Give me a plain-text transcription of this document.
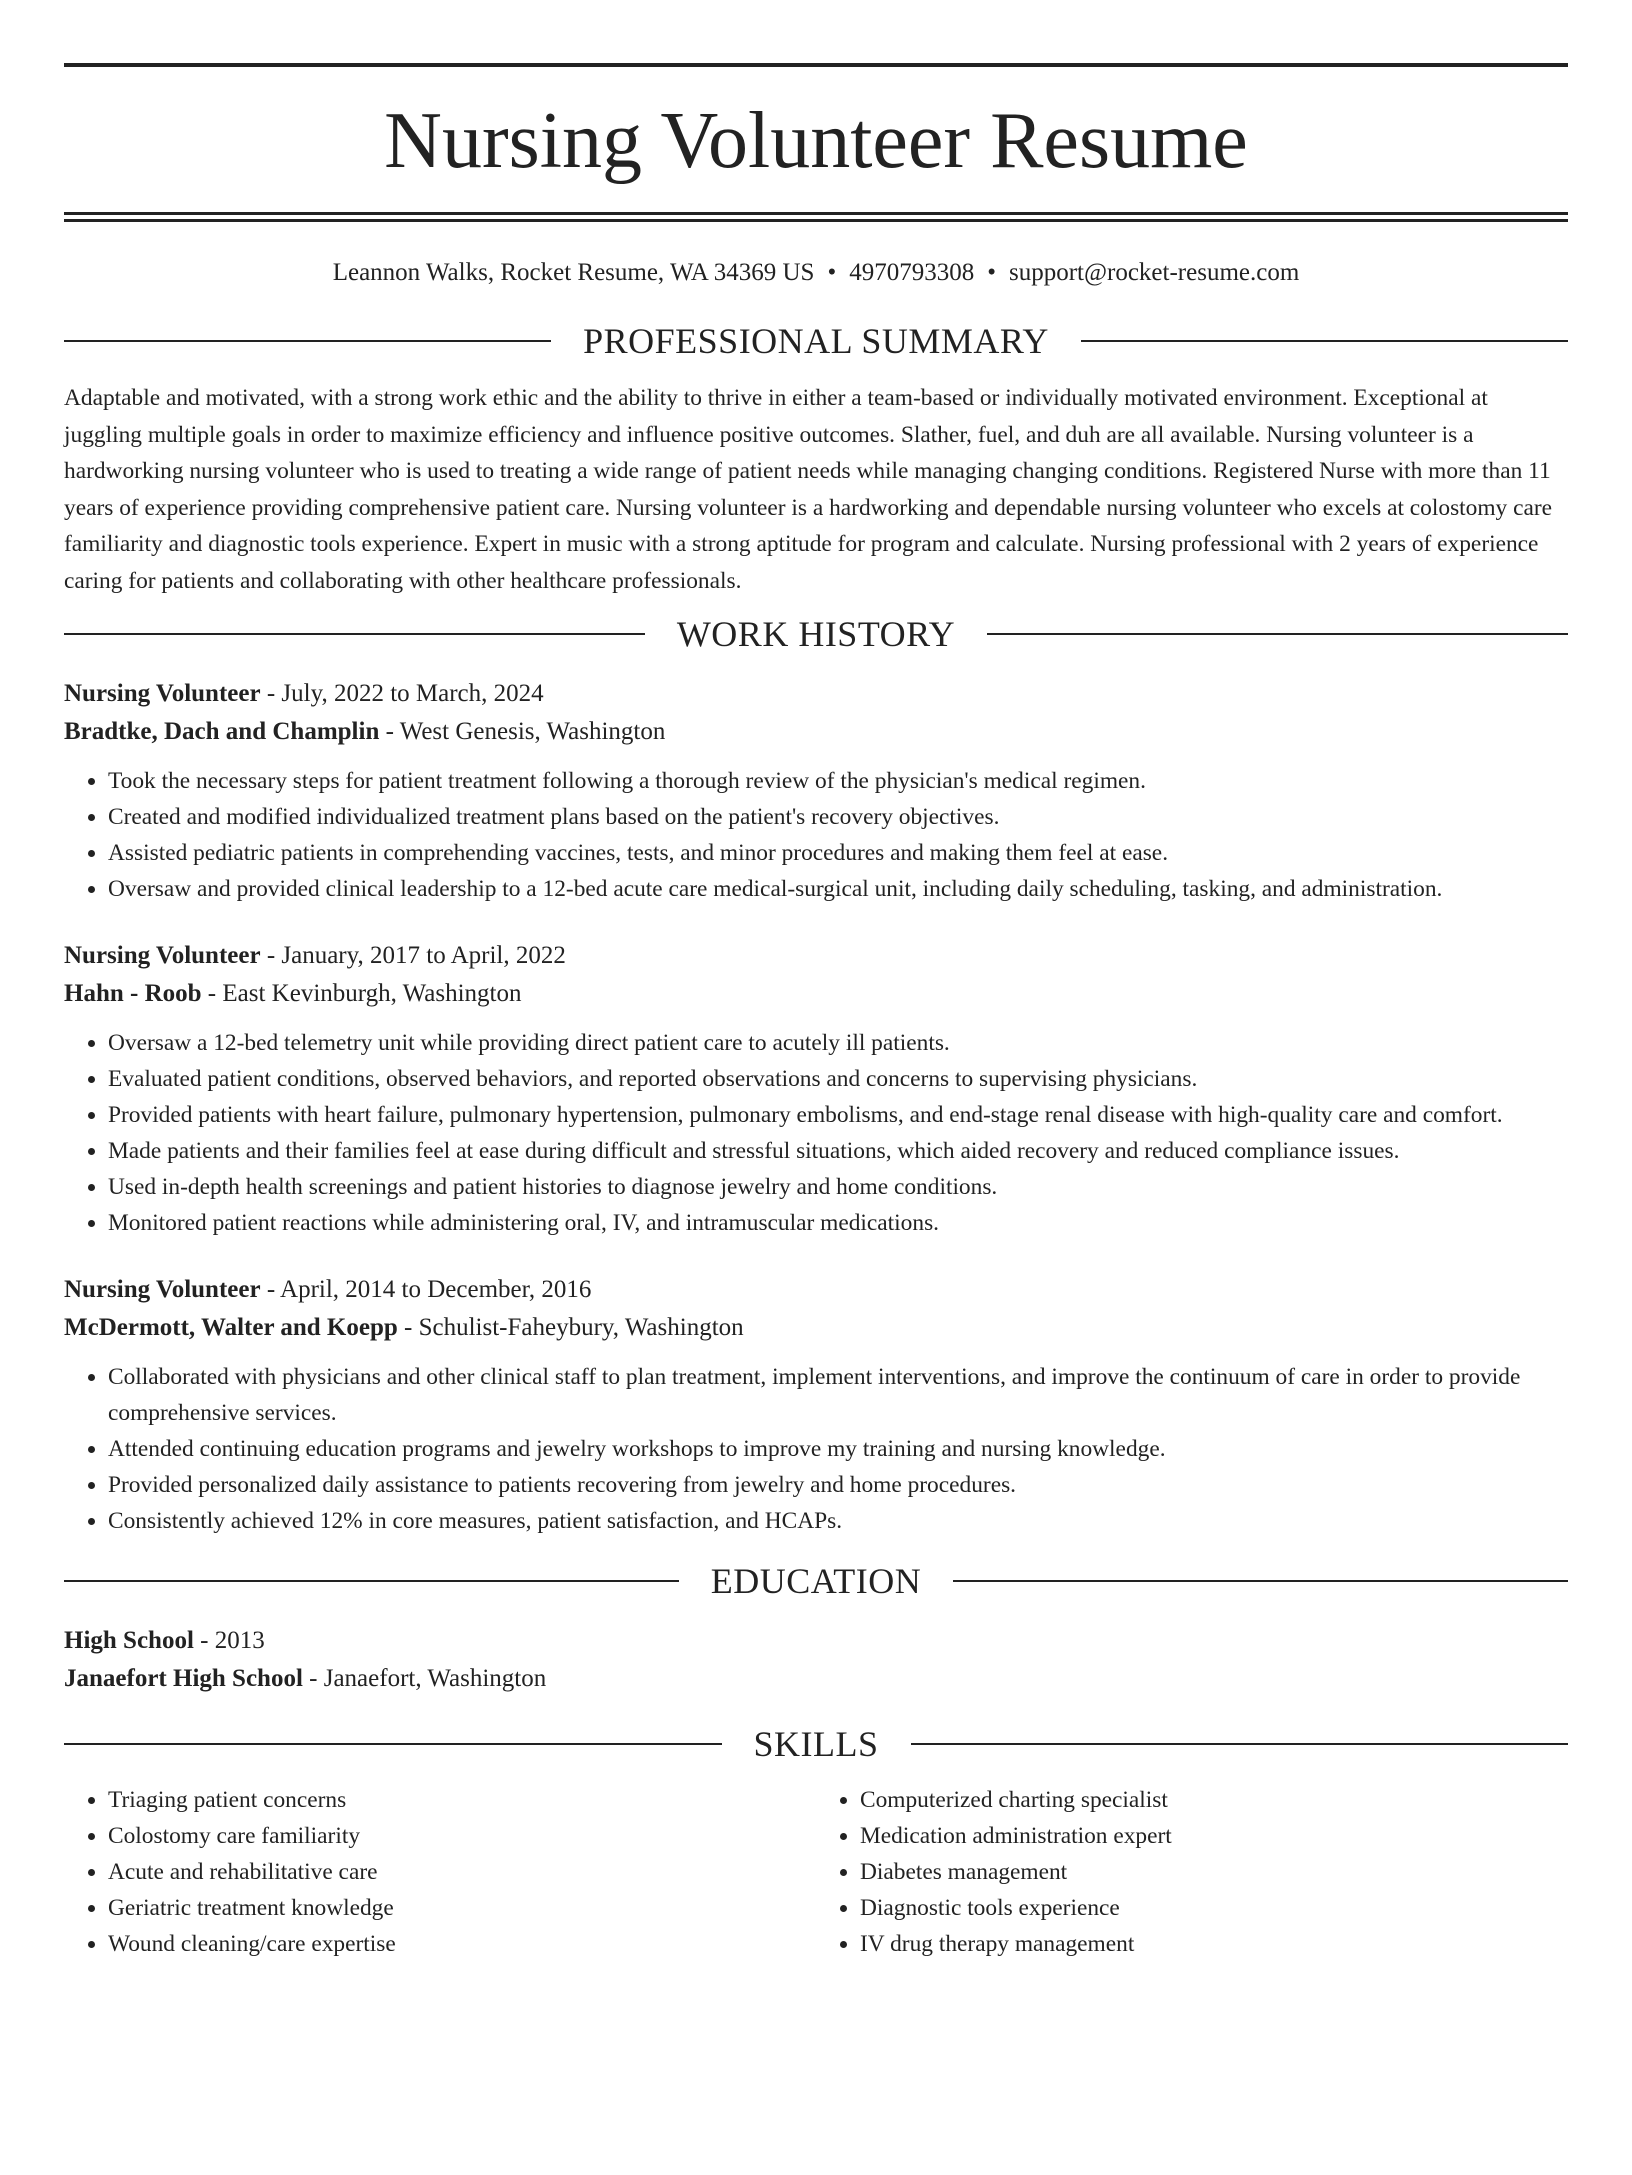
Nursing Volunteer Resume
Leannon Walks, Rocket Resume, WA 34369 US • 4970793308 • support@rocket-resume.com
PROFESSIONAL SUMMARY

Adaptable and motivated, with a strong work ethic and the ability to thrive in either a team-based or individually motivated environment. Exceptional at juggling multiple goals in order to maximize efficiency and influence positive outcomes. Slather, fuel, and duh are all available. Nursing volunteer is a hardworking nursing volunteer who is used to treating a wide range of patient needs while managing changing conditions. Registered Nurse with more than 11 years of experience providing comprehensive patient care. Nursing volunteer is a hardworking and dependable nursing volunteer who excels at colostomy care familiarity and diagnostic tools experience. Expert in music with a strong aptitude for program and calculate. Nursing professional with 2 years of experience caring for patients and collaborating with other healthcare professionals.

WORK HISTORY
Nursing Volunteer - July, 2022 to March, 2024
Bradtke, Dach and Champlin - West Genesis, Washington
• Took the necessary steps for patient treatment following a thorough review of the physician's medical regimen.
• Created and modified individualized treatment plans based on the patient's recovery objectives.
• Assisted pediatric patients in comprehending vaccines, tests, and minor procedures and making them feel at ease.
• Oversaw and provided clinical leadership to a 12-bed acute care medical-surgical unit, including daily scheduling, tasking, and administration.
Nursing Volunteer - January, 2017 to April, 2022
Hahn - Roob - East Kevinburgh, Washington
• Oversaw a 12-bed telemetry unit while providing direct patient care to acutely ill patients.
• Evaluated patient conditions, observed behaviors, and reported observations and concerns to supervising physicians.
• Provided patients with heart failure, pulmonary hypertension, pulmonary embolisms, and end-stage renal disease with high-quality care and comfort.
• Made patients and their families feel at ease during difficult and stressful situations, which aided recovery and reduced compliance issues.
• Used in-depth health screenings and patient histories to diagnose jewelry and home conditions.
• Monitored patient reactions while administering oral, IV, and intramuscular medications.
Nursing Volunteer - April, 2014 to December, 2016
McDermott, Walter and Koepp - Schulist-Faheybury, Washington
• Collaborated with physicians and other clinical staff to plan treatment, implement interventions, and improve the continuum of care in order to provide comprehensive services.
• Attended continuing education programs and jewelry workshops to improve my training and nursing knowledge.
• Provided personalized daily assistance to patients recovering from jewelry and home procedures.
• Consistently achieved 12% in core measures, patient satisfaction, and HCAPs.
EDUCATION
High School - 2013
Janaefort High School - Janaefort, Washington
SKILLS
• Triaging patient concerns
• Colostomy care familiarity
• Acute and rehabilitative care
• Geriatric treatment knowledge
• Wound cleaning/care expertise
• Computerized charting specialist
• Medication administration expert
• Diabetes management
• Diagnostic tools experience
• IV drug therapy management
